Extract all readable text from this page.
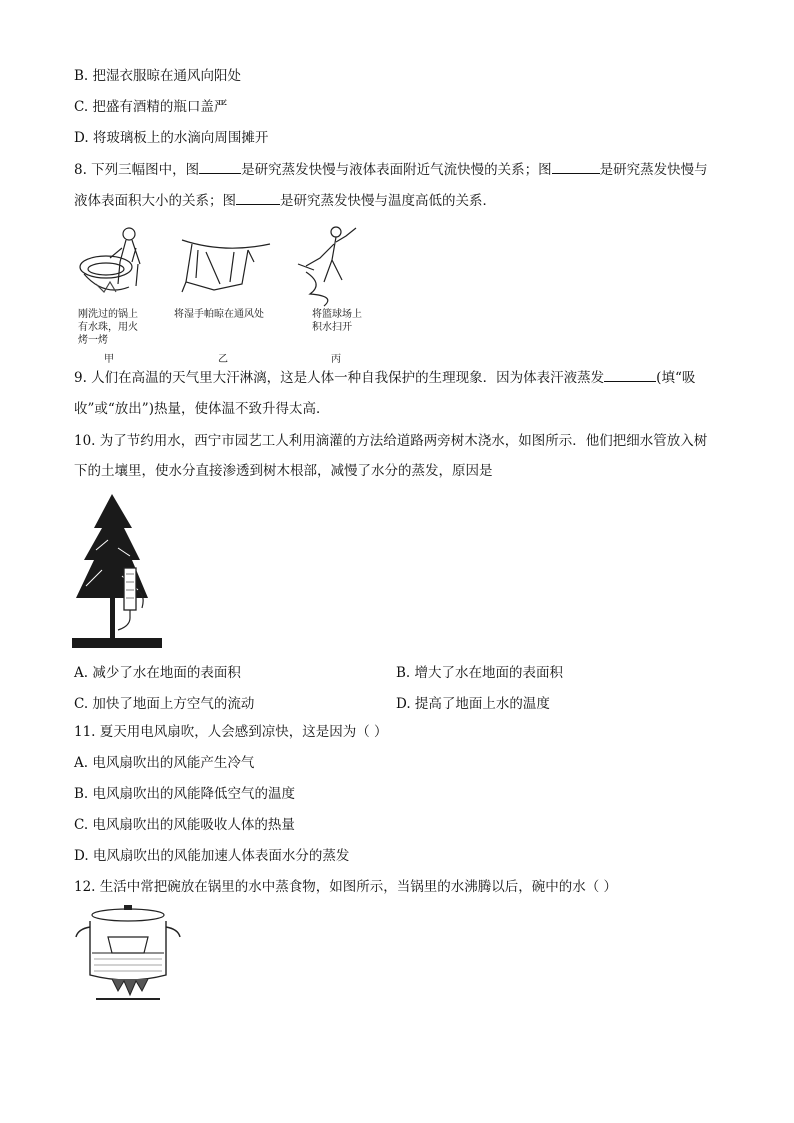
B. 把湿衣服晾在通风向阳处
C. 把盛有酒精的瓶口盖严
D. 将玻璃板上的水滴向周围摊开
8. 下列三幅图中，图	是研究蒸发快慢与液体表面附近气流快慢的关系；图	是研究蒸发快慢与
液体表面积大小的关系；图	是研究蒸发快慢与温度高低的关系．
刚洗过的锅上
有水珠，用火
烤一烤
将湿手帕晾在通风处	将篮球场上
积水扫开
甲	乙	丙
9. 人们在高温的天气里大汗淋漓，这是人体一种自我保护的生理现象．因为体表汗液蒸发	(填“吸
收”或“放出”)热量，使体温不致升得太高．
10. 为了节约用水，西宁市园艺工人利用滴灌的方法给道路两旁树木浇水，如图所示．他们把细水管放入树
下的土壤里，使水分直接渗透到树木根部，减慢了水分的蒸发，原因是
A. 减少了水在地面的表面积	B. 增大了水在地面的表面积
C. 加快了地面上方空气的流动	D. 提高了地面上水的温度
11. 夏天用电风扇吹，人会感到凉快，这是因为（ ）
A. 电风扇吹出的风能产生冷气
B. 电风扇吹出的风能降低空气的温度
C. 电风扇吹出的风能吸收人体的热量
D. 电风扇吹出的风能加速人体表面水分的蒸发
12. 生活中常把碗放在锅里的水中蒸食物，如图所示，当锅里的水沸腾以后，碗中的水（ ）
